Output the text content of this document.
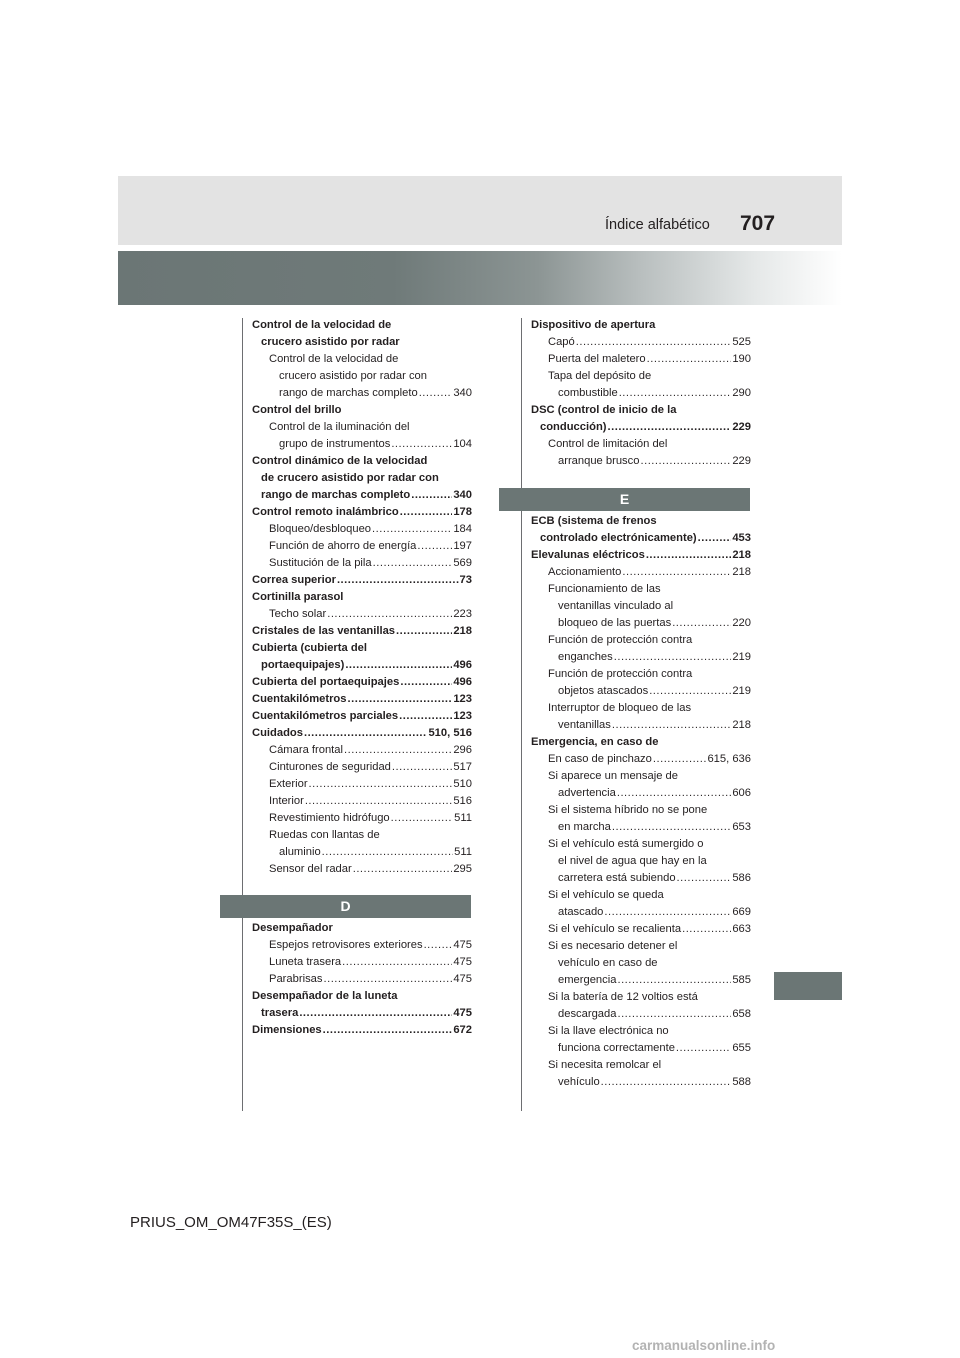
Índice alfabético 707
Control de la velocidad de
crucero asistido por radar
Control de la velocidad de
crucero asistido por radar con
rango de marchas completo .....	340
Control del brillo
Control de la iluminación del
grupo de instrumentos .....	104
Control dinámico de la velocidad
de crucero asistido por radar con
rango de marchas completo .....	340
Control remoto inalámbrico .....	178
Bloqueo/desbloqueo .....	184
Función de ahorro de energía .....	197
Sustitución de la pila .....	569
Correa superior .....	73
Cortinilla parasol
Techo solar .....	223
Cristales de las ventanillas .....	218
Cubierta (cubierta del
portaequipajes) .....	496
Cubierta del portaequipajes .....	496
Cuentakilómetros .....	123
Cuentakilómetros parciales .....	123
Cuidados .....	510, 516
Cámara frontal .....	296
Cinturones de seguridad .....	517
Exterior .....	510
Interior .....	516
Revestimiento hidrófugo .....	511
Ruedas con llantas de
aluminio .....	511
Sensor del radar .....	295
D
Desempañador
Espejos retrovisores exteriores .....	475
Luneta trasera .....	475
Parabrisas .....	475
Desempañador de la luneta
trasera .....	475
Dimensiones .....	672
Dispositivo de apertura
Capó .....	525
Puerta del maletero .....	190
Tapa del depósito de
combustible .....	290
DSC (control de inicio de la
conducción) .....	229
Control de limitación del
arranque brusco .....	229
E
ECB (sistema de frenos
controlado electrónicamente) .....	453
Elevalunas eléctricos .....	218
Accionamiento .....	218
Funcionamiento de las
ventanillas vinculado al
bloqueo de las puertas .....	220
Función de protección contra
enganches .....	219
Función de protección contra
objetos atascados .....	219
Interruptor de bloqueo de las
ventanillas .....	218
Emergencia, en caso de
En caso de pinchazo .....	615, 636
Si aparece un mensaje de
advertencia .....	606
Si el sistema híbrido no se pone
en marcha .....	653
Si el vehículo está sumergido o
el nivel de agua que hay en la
carretera está subiendo .....	586
Si el vehículo se queda
atascado .....	669
Si el vehículo se recalienta .....	663
Si es necesario detener el
vehículo en caso de
emergencia .....	585
Si la batería de 12 voltios está
descargada .....	658
Si la llave electrónica no
funciona correctamente .....	655
Si necesita remolcar el
vehículo .....	588
PRIUS_OM_OM47F35S_(ES)
carmanualsonline.info
